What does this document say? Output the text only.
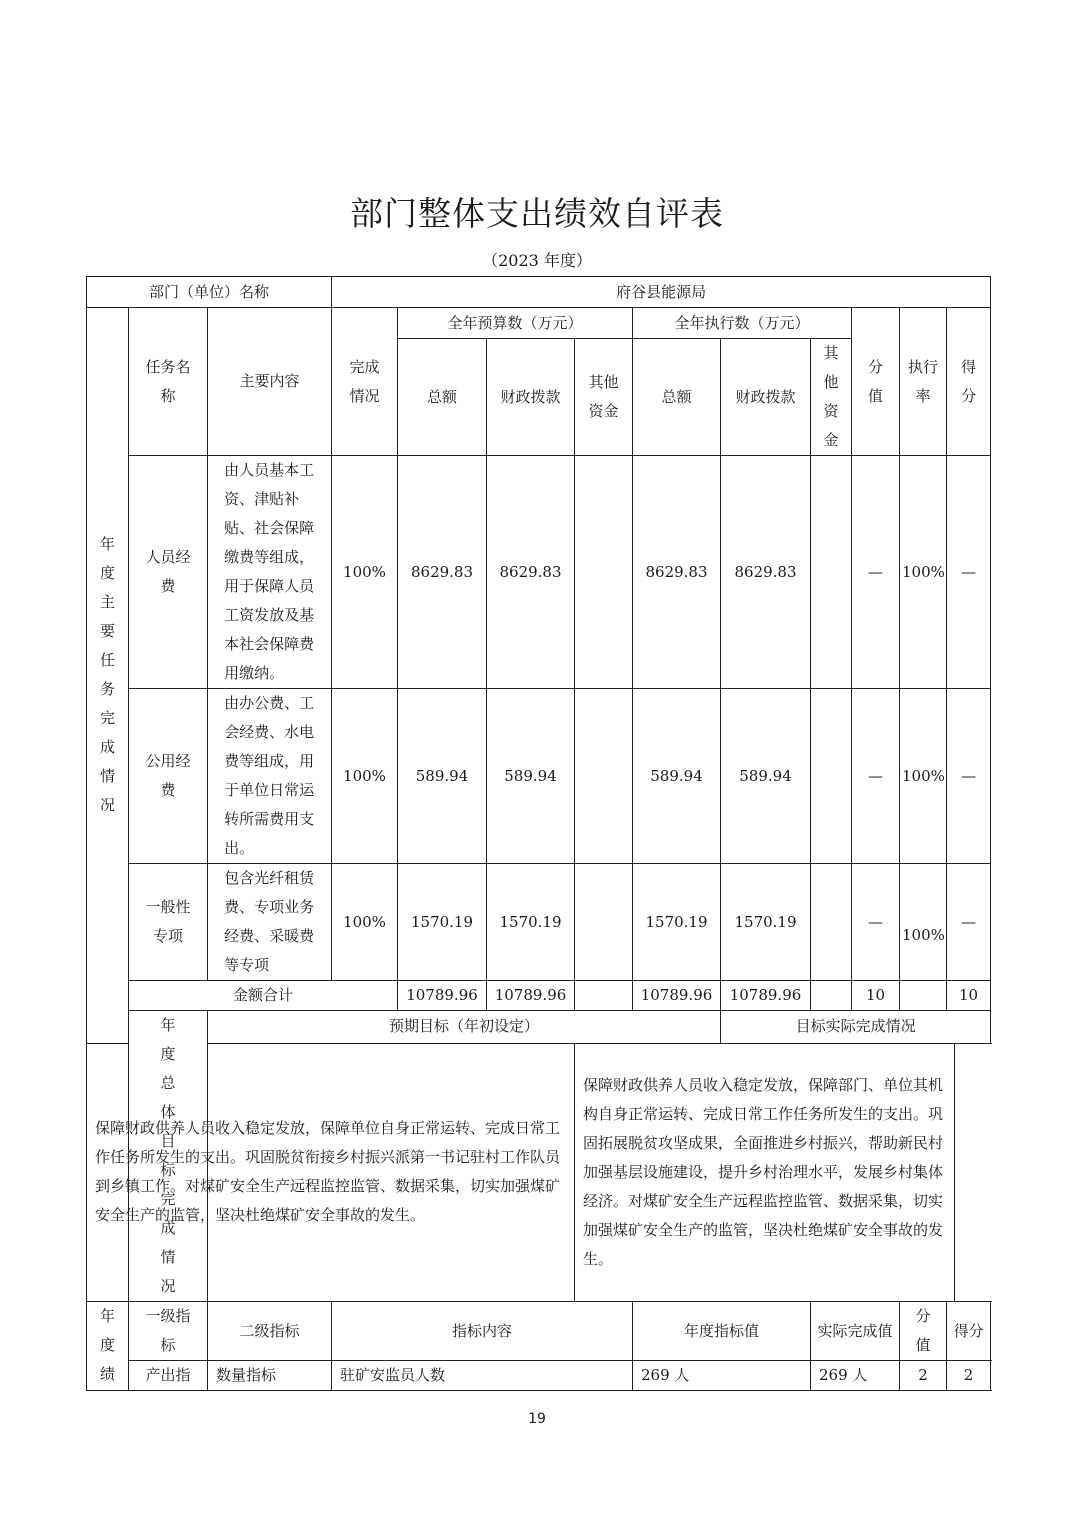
部门整体支出绩效自评表
（2023 年度）
部门（单位）名称			府谷县能源局									

年度主要任务完成情况	任务名称	主要内容	完成情况	全年预算数（万元）			全年执行数（万元）			分值	执行率	得分

				总额	财政拨款	其他资金	总额	财政拨款	其他资金			

	人员经费	由人员基本工资、津贴补贴、社会保障缴费等组成，用于保障人员工资发放及基本社会保障费用缴纳。	100%	8629.83	8629.83		8629.83	8629.83		—	100%	—

	公用经费	由办公费、工会经费、水电费等组成，用于单位日常运转所需费用支出。	100%	589.94	589.94		589.94	589.94		—	100%	—

	一般性专项	包含光纤租赁费、专项业务经费、采暖费等专项	100%	1570.19	1570.19		1570.19	1570.19		—	100%	—
	金额合计			10789.96	10789.96		10789.96	10789.96		10		10

	年度总体目标完成情况	预期目标（年初设定）						目标实际完成情况				
保障财政供养人员收入稳定发放，保障单位自身正常运转、完成日常工作任务所发生的支出。巩固脱贫衔接乡村振兴派第一书记驻村工作队员到乡镇工作。对煤矿安全生产远程监控监管、数据采集，切实加强煤矿安全生产的监管，坚决杜绝煤矿安全事故的发生。						保障财政供养人员收入稳定发放，保障部门、单位其机构自身正常运转、完成日常工作任务所发生的支出。巩固拓展脱贫攻坚成果，全面推进乡村振兴，帮助新民村加强基层设施建设，提升乡村治理水平，发展乡村集体经济。对煤矿安全生产远程监控监管、数据采集，切实加强煤矿安全生产的监管，坚决杜绝煤矿安全事故的发生。						

年度绩	一级指标	二级指标	指标内容				年度指标值		实际完成值		分值	得分
	产出指	数量指标	驻矿安监员人数				269 人		269 人		2	2
19
